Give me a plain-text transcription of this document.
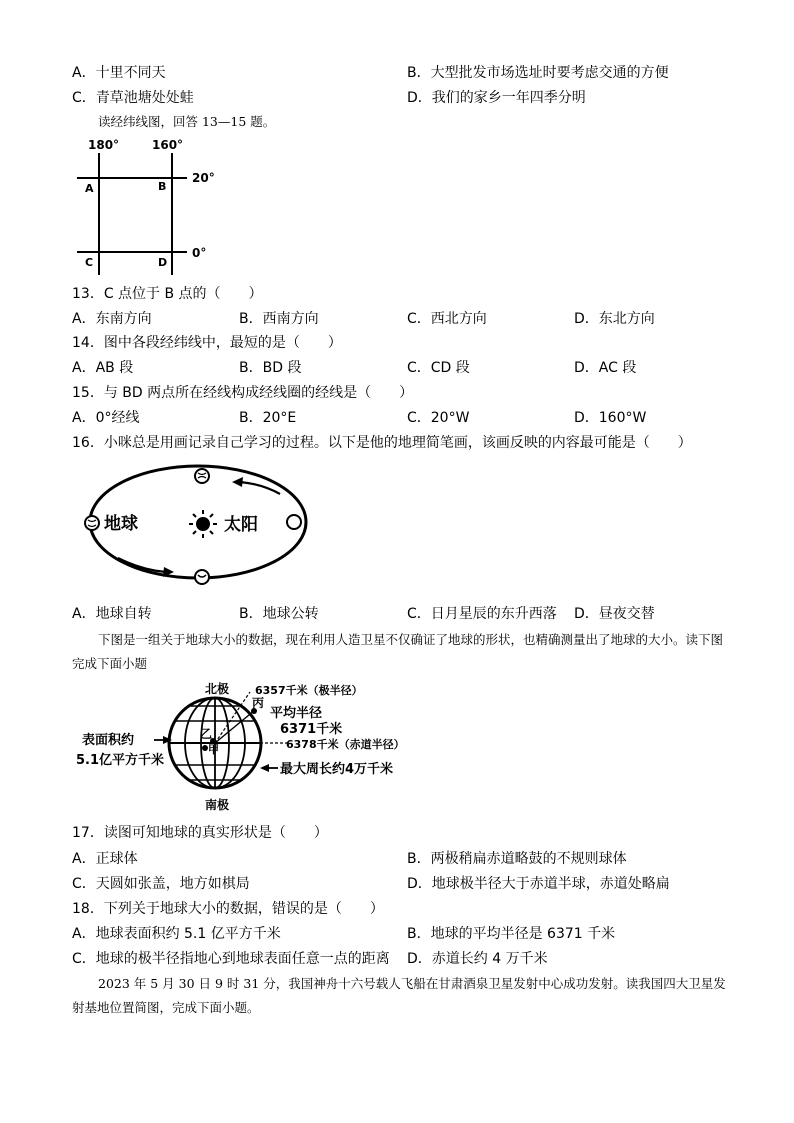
A．十里不同天	B．大型批发市场选址时要考虑交通的方便
C．青草池塘处处蛙	D．我们的家乡一年四季分明
读经纬线图，回答 13—15 题。
180°	160°
20°
0°
A	B
C	D
13．C 点位于 B 点的（　　）
A．东南方向	B．西南方向	C．西北方向	D．东北方向
14．图中各段经纬线中，最短的是（　　）
A．AB 段	B．BD 段	C．CD 段	D．AC 段
15．与 BD 两点所在经线构成经线圈的经线是（　　）
A．0°经线	B．20°E	C．20°W	D．160°W
16．小咪总是用画记录自己学习的过程。以下是他的地理简笔画，该画反映的内容最可能是（　　）
地球	太阳
A．地球自转	B．地球公转	C．日月星辰的东升西落 D．昼夜交替
下图是一组关于地球大小的数据，现在利用人造卫星不仅确证了地球的形状，也精确测量出了地球的大小。读下图完成下面小题
北极
南极
6357千米（极半径）
丙
平均半径
6371千米
6378千米（赤道半径）
最大周长约4万千米
乙
甲
表面积约
5.1亿平方千米
17．读图可知地球的真实形状是（　　）
A．正球体	B．两极稍扁赤道略鼓的不规则球体
C．天圆如张盖，地方如棋局	D．地球极半径大于赤道半球，赤道处略扁
18．下列关于地球大小的数据，错误的是（　　）
A．地球表面积约 5.1 亿平方千米	B．地球的平均半径是 6371 千米
C．地球的极半径指地心到地球表面任意一点的距离 D．赤道长约 4 万千米
2023 年 5 月 30 日 9 时 31 分，我国神舟十六号载人飞船在甘肃酒泉卫星发射中心成功发射。读我国四大卫星发射基地位置简图，完成下面小题。
